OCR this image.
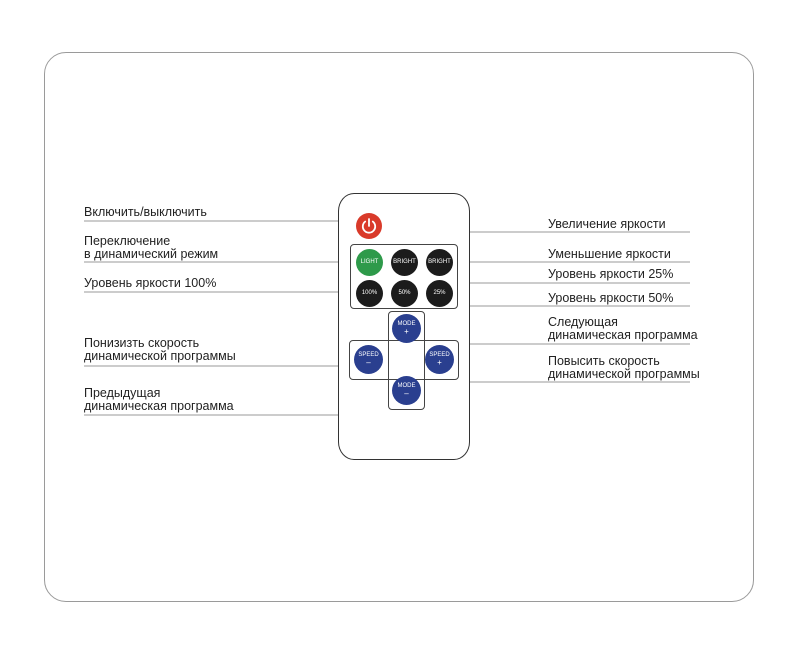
LIGHT BRIGHT BRIGHT
100%	50%	25%
MODE
+
SPEED
–
SPEED
+
MODE
–
Включить/выключить
Переключение
в динамический режим
Уровень яркости 100%
Понизизть скорость
динамической программы
Предыдущая
динамическая программа
Увеличение яркости
Уменьшение яркости
Уровень яркости 25%
Уровень яркости 50%
Следующая
динамическая программа
Повысить скорость
динамической программы
